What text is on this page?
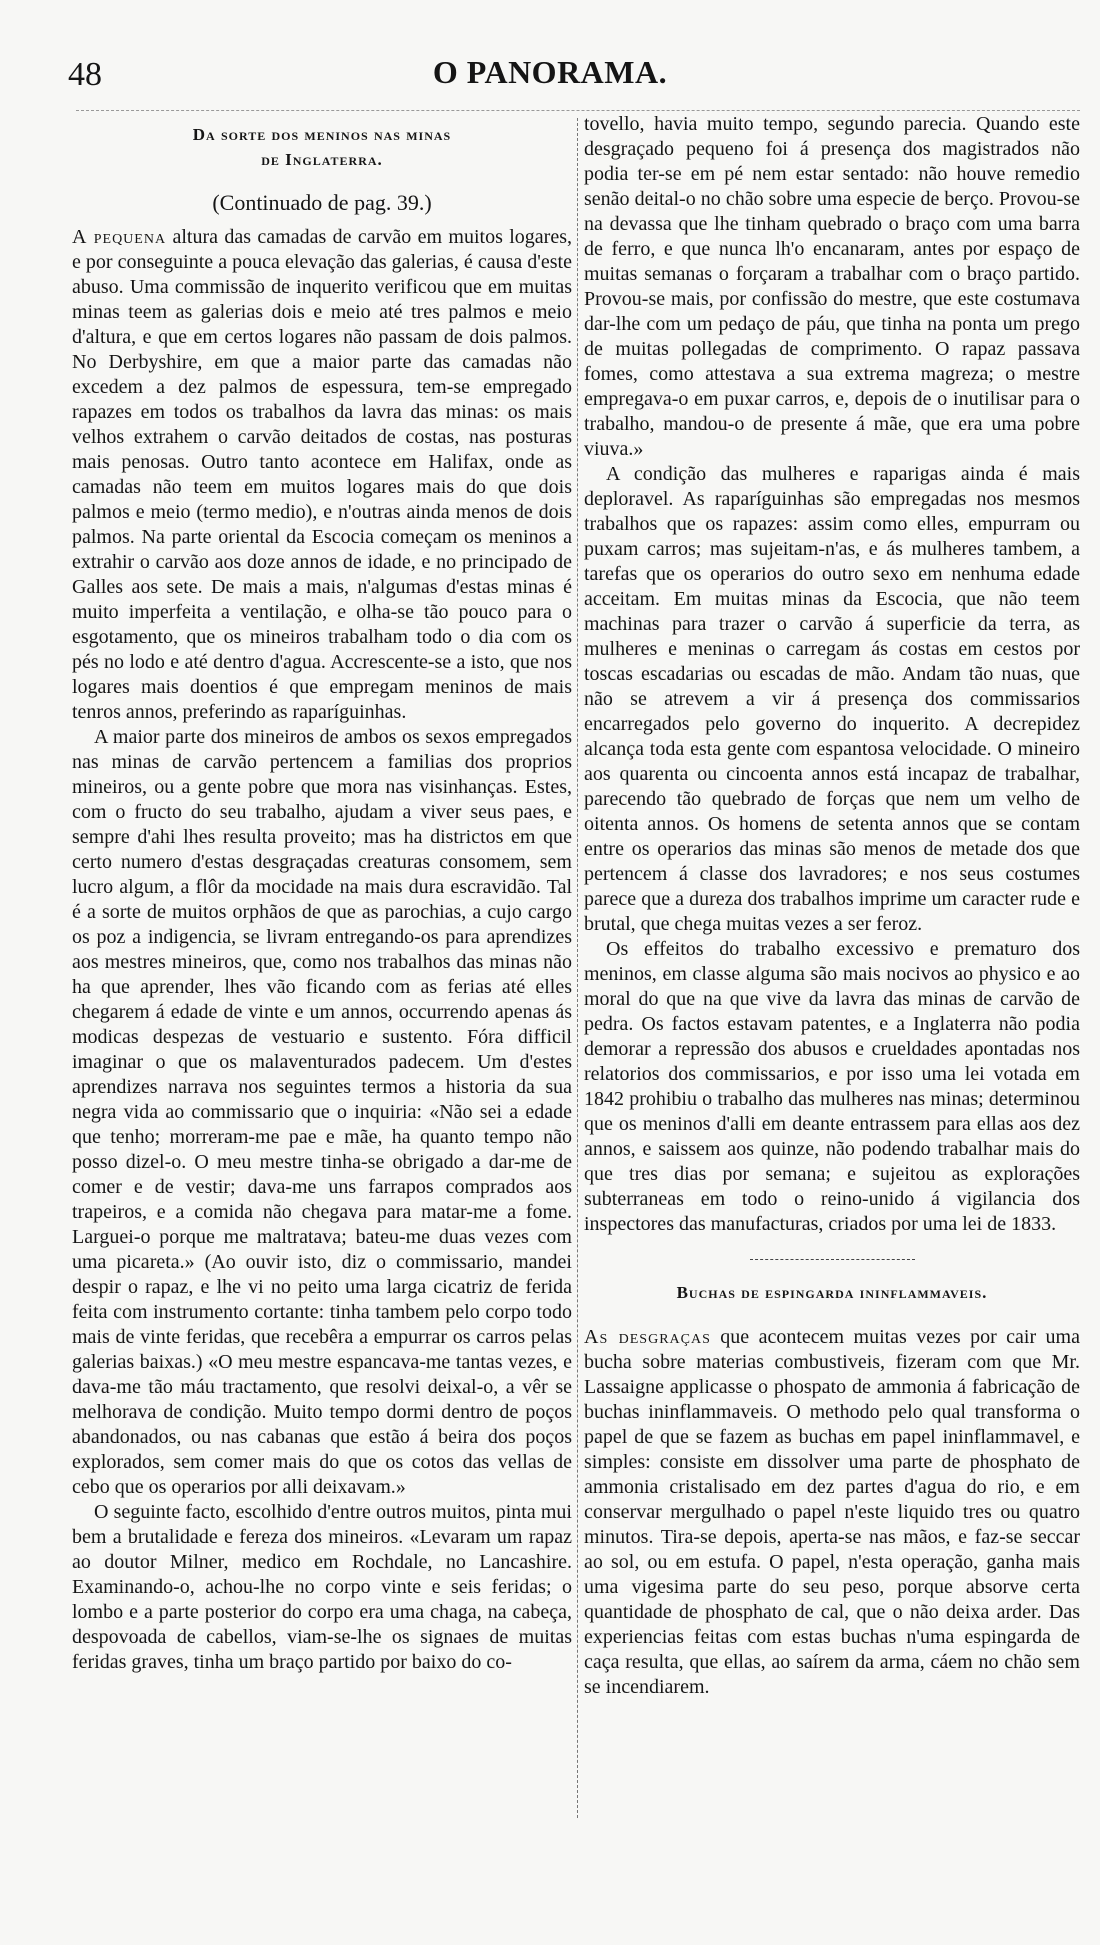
48	O PANORAMA.
Da sorte dos meninos nas minas
de Inglaterra.
(Continuado de pag. 39.)

A pequena altura das camadas de carvão em muitos logares, e por conseguinte a pouca elevação das galerias, é causa d'este abuso. Uma commissão de inquerito verificou que em muitas minas teem as galerias dois e meio até tres palmos e meio d'altura, e que em certos logares não passam de dois palmos. No Derbyshire, em que a maior parte das camadas não excedem a dez palmos de espessura, tem-se empregado rapazes em todos os trabalhos da lavra das minas: os mais velhos extrahem o carvão deitados de costas, nas posturas mais penosas. Outro tanto acontece em Halifax, onde as camadas não teem em muitos logares mais do que dois palmos e meio (termo medio), e n'outras ainda menos de dois palmos. Na parte oriental da Escocia começam os meninos a extrahir o carvão aos doze annos de idade, e no principado de Galles aos sete. De mais a mais, n'algumas d'estas minas é muito imperfeita a ventilação, e olha-se tão pouco para o esgotamento, que os mineiros trabalham todo o dia com os pés no lodo e até dentro d'agua. Accrescente-se a isto, que nos logares mais doentios é que empregam meninos de mais tenros annos, preferindo as raparíguinhas.

A maior parte dos mineiros de ambos os sexos empregados nas minas de carvão pertencem a familias dos proprios mineiros, ou a gente pobre que mora nas visinhanças. Estes, com o fructo do seu trabalho, ajudam a viver seus paes, e sempre d'ahi lhes resulta proveito; mas ha districtos em que certo numero d'estas desgraçadas creaturas consomem, sem lucro algum, a flôr da mocidade na mais dura escravidão. Tal é a sorte de muitos orphãos de que as parochias, a cujo cargo os poz a indigencia, se livram entregando-os para aprendizes aos mestres mineiros, que, como nos trabalhos das minas não ha que aprender, lhes vão ficando com as ferias até elles chegarem á edade de vinte e um annos, occurrendo apenas ás modicas despezas de vestuario e sustento. Fóra difficil imaginar o que os malaventurados padecem. Um d'estes aprendizes narrava nos seguintes termos a historia da sua negra vida ao commissario que o inquiria: «Não sei a edade que tenho; morreram-me pae e mãe, ha quanto tempo não posso dizel-o. O meu mestre tinha-se obrigado a dar-me de comer e de vestir; dava-me uns farrapos comprados aos trapeiros, e a comida não chegava para matar-me a fome. Larguei-o porque me maltratava; bateu-me duas vezes com uma picareta.» (Ao ouvir isto, diz o commissario, mandei despir o rapaz, e lhe vi no peito uma larga cicatriz de ferida feita com instrumento cortante: tinha tambem pelo corpo todo mais de vinte feridas, que recebêra a empurrar os carros pelas galerias baixas.) «O meu mestre espancava-me tantas vezes, e dava-me tão máu tractamento, que resolvi deixal-o, a vêr se melhorava de condição. Muito tempo dormi dentro de poços abandonados, ou nas cabanas que estão á beira dos poços explorados, sem comer mais do que os cotos das vellas de cebo que os operarios por alli deixavam.»

O seguinte facto, escolhido d'entre outros muitos, pinta mui bem a brutalidade e fereza dos mineiros. «Levaram um rapaz ao doutor Milner, medico em Rochdale, no Lancashire. Examinando-o, achou-lhe no corpo vinte e seis feridas; o lombo e a parte posterior do corpo era uma chaga, na cabeça, despovoada de cabellos, viam-se-lhe os signaes de muitas feridas graves, tinha um braço partido por baixo do co-

tovello, havia muito tempo, segundo parecia. Quando este desgraçado pequeno foi á presença dos magistrados não podia ter-se em pé nem estar sentado: não houve remedio senão deital-o no chão sobre uma especie de berço. Provou-se na devassa que lhe tinham quebrado o braço com uma barra de ferro, e que nunca lh'o encanaram, antes por espaço de muitas semanas o forçaram a trabalhar com o braço partido. Provou-se mais, por confissão do mestre, que este costumava dar-lhe com um pedaço de páu, que tinha na ponta um prego de muitas pollegadas de comprimento. O rapaz passava fomes, como attestava a sua extrema magreza; o mestre empregava-o em puxar carros, e, depois de o inutilisar para o trabalho, mandou-o de presente á mãe, que era uma pobre viuva.»

A condição das mulheres e raparigas ainda é mais deploravel. As raparíguinhas são empregadas nos mesmos trabalhos que os rapazes: assim como elles, empurram ou puxam carros; mas sujeitam-n'as, e ás mulheres tambem, a tarefas que os operarios do outro sexo em nenhuma edade acceitam. Em muitas minas da Escocia, que não teem machinas para trazer o carvão á superficie da terra, as mulheres e meninas o carregam ás costas em cestos por toscas escadarias ou escadas de mão. Andam tão nuas, que não se atrevem a vir á presença dos commissarios encarregados pelo governo do inquerito. A decrepidez alcança toda esta gente com espantosa velocidade. O mineiro aos quarenta ou cincoenta annos está incapaz de trabalhar, parecendo tão quebrado de forças que nem um velho de oitenta annos. Os homens de setenta annos que se contam entre os operarios das minas são menos de metade dos que pertencem á classe dos lavradores; e nos seus costumes parece que a dureza dos trabalhos imprime um caracter rude e brutal, que chega muitas vezes a ser feroz.

Os effeitos do trabalho excessivo e prematuro dos meninos, em classe alguma são mais nocivos ao physico e ao moral do que na que vive da lavra das minas de carvão de pedra. Os factos estavam patentes, e a Inglaterra não podia demorar a repressão dos abusos e crueldades apontadas nos relatorios dos commissarios, e por isso uma lei votada em 1842 prohibiu o trabalho das mulheres nas minas; determinou que os meninos d'alli em deante entrassem para ellas aos dez annos, e saissem aos quinze, não podendo trabalhar mais do que tres dias por semana; e sujeitou as explorações subterraneas em todo o reino-unido á vigilancia dos inspectores das manufacturas, criados por uma lei de 1833.

Buchas de espingarda ininflammaveis.

As desgraças que acontecem muitas vezes por cair uma bucha sobre materias combustiveis, fizeram com que Mr. Lassaigne applicasse o phospato de ammonia á fabricação de buchas ininflammaveis. O methodo pelo qual transforma o papel de que se fazem as buchas em papel ininflammavel, e simples: consiste em dissolver uma parte de phosphato de ammonia cristalisado em dez partes d'agua do rio, e em conservar mergulhado o papel n'este liquido tres ou quatro minutos. Tira-se depois, aperta-se nas mãos, e faz-se seccar ao sol, ou em estufa. O papel, n'esta operação, ganha mais uma vigesima parte do seu peso, porque absorve certa quantidade de phosphato de cal, que o não deixa arder. Das experiencias feitas com estas buchas n'uma espingarda de caça resulta, que ellas, ao saírem da arma, cáem no chão sem se incendiarem.
